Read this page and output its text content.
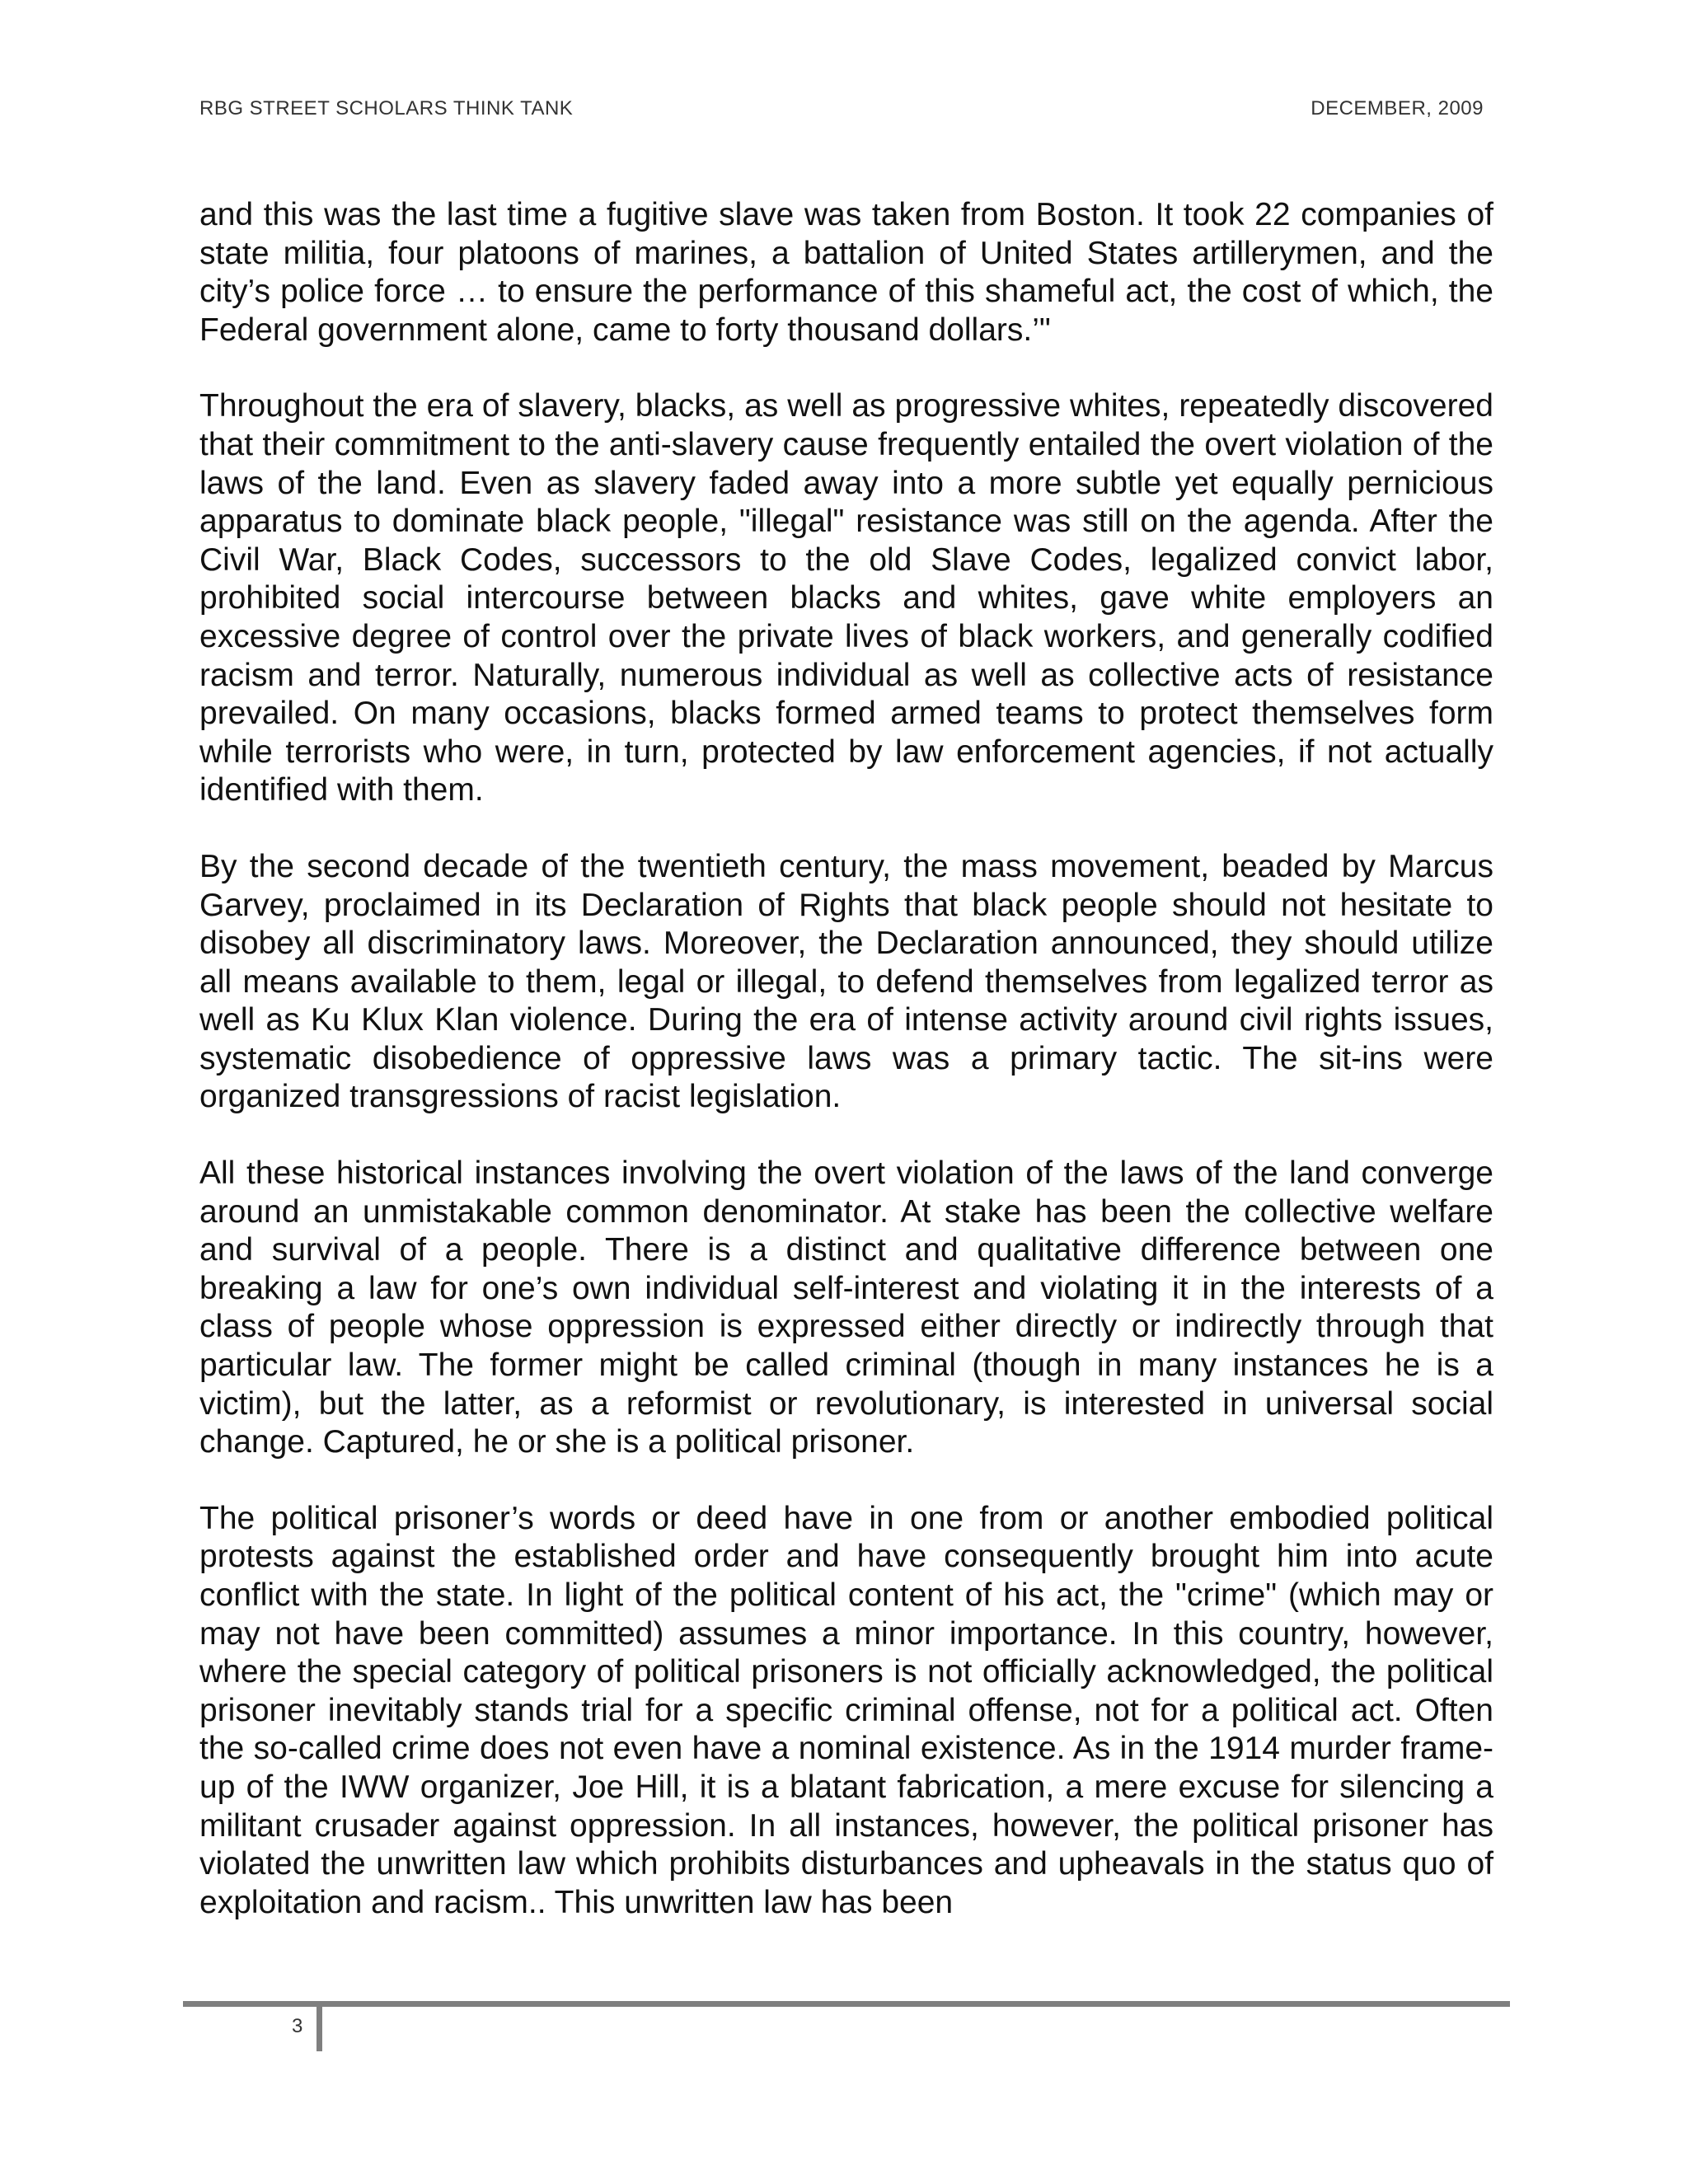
RBG STREET SCHOLARS THINK TANK	DECEMBER, 2009

and this was the last time a fugitive slave was taken from Boston. It took 22 companies of state militia, four platoons of marines, a battalion of United States artillerymen, and the city’s police force … to ensure the performance of this shameful act, the cost of which, the Federal government alone, came to forty thousand dollars.’"

Throughout the era of slavery, blacks, as well as progressive whites, repeatedly discovered that their commitment to the anti-slavery cause frequently entailed the overt violation of the laws of the land. Even as slavery faded away into a more subtle yet equally pernicious apparatus to dominate black people, "illegal" resistance was still on the agenda. After the Civil War, Black Codes, successors to the old Slave Codes, legalized convict labor, prohibited social intercourse between blacks and whites, gave white employers an excessive degree of control over the private lives of black workers, and generally codified racism and terror. Naturally, numerous individual as well as collective acts of resistance prevailed. On many occasions, blacks formed armed teams to protect themselves form while terrorists who were, in turn, protected by law enforcement agencies, if not actually identified with them.

By the second decade of the twentieth century, the mass movement, beaded by Marcus Garvey, proclaimed in its Declaration of Rights that black people should not hesitate to disobey all discriminatory laws. Moreover, the Declaration announced, they should utilize all means available to them, legal or illegal, to defend themselves from legalized terror as well as Ku Klux Klan violence. During the era of intense activity around civil rights issues, systematic disobedience of oppressive laws was a primary tactic. The sit-ins were organized transgressions of racist legislation.

All these historical instances involving the overt violation of the laws of the land converge around an unmistakable common denominator. At stake has been the collective welfare and survival of a people. There is a distinct and qualitative difference between one breaking a law for one’s own individual self-interest and violating it in the interests of a class of people whose oppression is expressed either directly or indirectly through that particular law. The former might be called criminal (though in many instances he is a victim), but the latter, as a reformist or revolutionary, is interested in universal social change. Captured, he or she is a political prisoner.

The political prisoner’s words or deed have in one from or another embodied political protests against the established order and have consequently brought him into acute conflict with the state. In light of the political content of his act, the "crime" (which may or may not have been committed) assumes a minor importance. In this country, however, where the special category of political prisoners is not officially acknowledged, the political prisoner inevitably stands trial for a specific criminal offense, not for a political act. Often the so-called crime does not even have a nominal existence. As in the 1914 murder frame-up of the IWW organizer, Joe Hill, it is a blatant fabrication, a mere excuse for silencing a militant crusader against oppression. In all instances, however, the political prisoner has violated the unwritten law which prohibits disturbances and upheavals in the status quo of exploitation and racism.. This unwritten law has been

3
